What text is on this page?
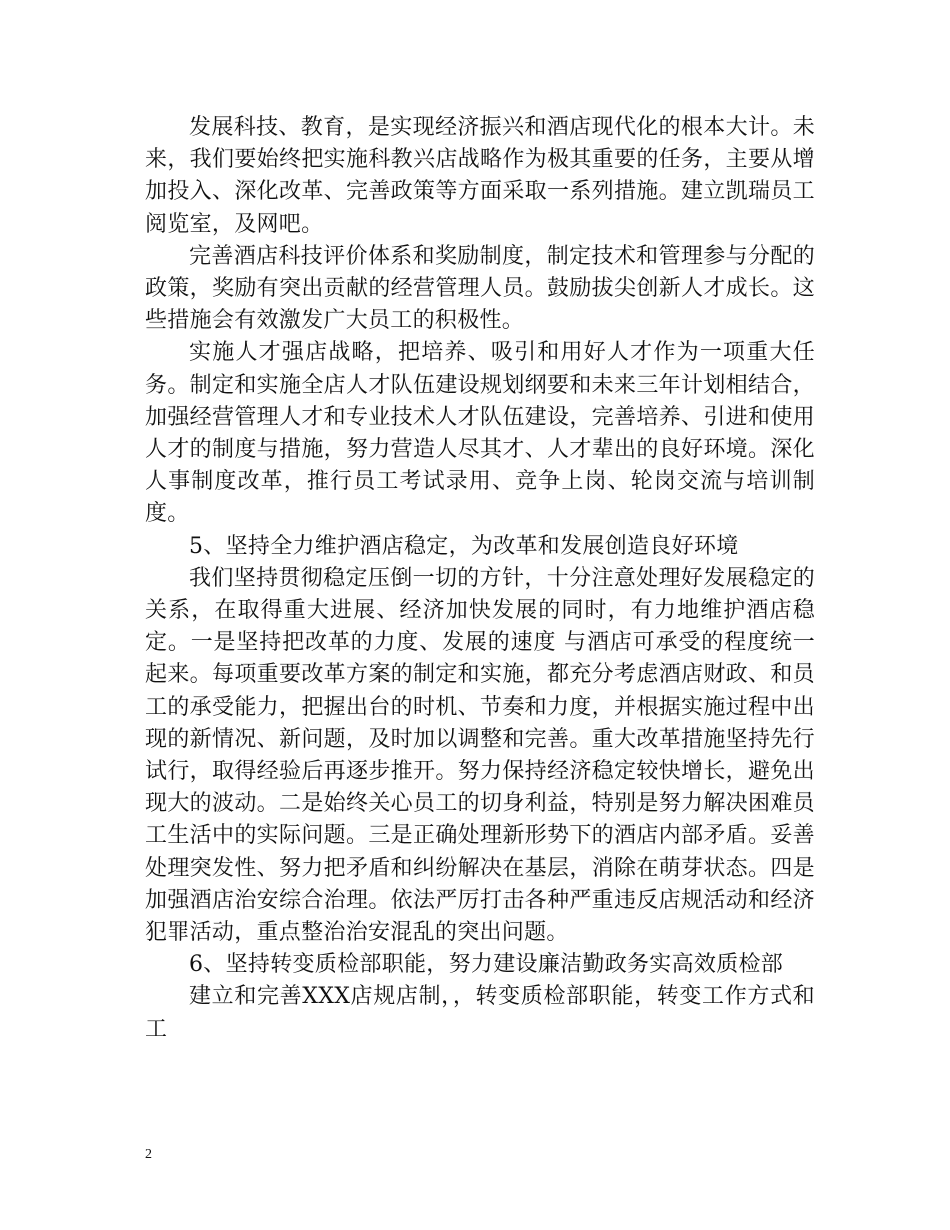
发展科技、教育，是实现经济振兴和酒店现代化的根本大计。未来，我们要始终把实施科教兴店战略作为极其重要的任务，主要从增加投入、深化改革、完善政策等方面采取一系列措施。建立凯瑞员工阅览室，及网吧。

完善酒店科技评价体系和奖励制度，制定技术和管理参与分配的政策，奖励有突出贡献的经营管理人员。鼓励拔尖创新人才成长。这些措施会有效激发广大员工的积极性。

实施人才强店战略，把培养、吸引和用好人才作为一项重大任务。制定和实施全店人才队伍建设规划纲要和未来三年计划相结合，加强经营管理人才和专业技术人才队伍建设，完善培养、引进和使用人才的制度与措施，努力营造人尽其才、人才辈出的良好环境。深化人事制度改革，推行员工考试录用、竞争上岗、轮岗交流与培训制度。

5、坚持全力维护酒店稳定，为改革和发展创造良好环境

我们坚持贯彻稳定压倒一切的方针，十分注意处理好发展稳定的关系，在取得重大进展、经济加快发展的同时，有力地维护酒店稳定。一是坚持把改革的力度、发展的速度 与酒店可承受的程度统一起来。每项重要改革方案的制定和实施，都充分考虑酒店财政、和员工的承受能力，把握出台的时机、节奏和力度，并根据实施过程中出现的新情况、新问题，及时加以调整和完善。重大改革措施坚持先行试行，取得经验后再逐步推开。努力保持经济稳定较快增长，避免出现大的波动。二是始终关心员工的切身利益，特别是努力解决困难员工生活中的实际问题。三是正确处理新形势下的酒店内部矛盾。妥善处理突发性、努力把矛盾和纠纷解决在基层，消除在萌芽状态。四是加强酒店治安综合治理。依法严厉打击各种严重违反店规活动和经济犯罪活动，重点整治治安混乱的突出问题。

6、坚持转变质检部职能，努力建设廉洁勤政务实高效质检部

建立和完善XXX店规店制，，转变质检部职能，转变工作方式和工

2
